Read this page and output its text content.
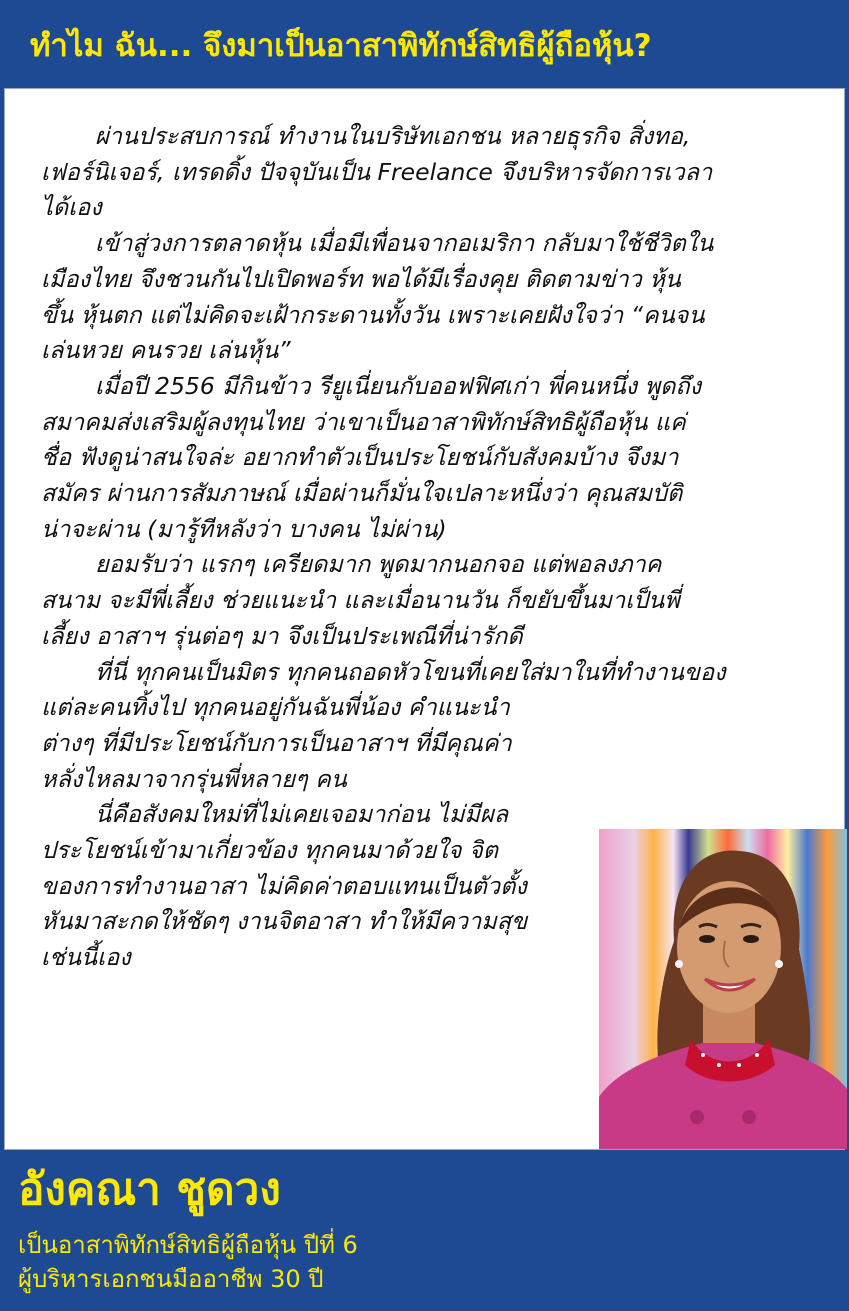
ทำไม ฉัน... จึงมาเป็นอาสาพิทักษ์สิทธิผู้ถือหุ้น?
ผ่านประสบการณ์ ทำงานในบริษัทเอกชน หลายธุรกิจ สิ่งทอ,
เฟอร์นิเจอร์, เทรดดิ้ง ปัจจุบันเป็น Freelance จึงบริหารจัดการเวลา
ได้เอง
เข้าสู่วงการตลาดหุ้น เมื่อมีเพื่อนจากอเมริกา กลับมาใช้ชีวิตใน
เมืองไทย จึงชวนกันไปเปิดพอร์ท พอได้มีเรื่องคุย ติดตามข่าว หุ้น
ขึ้น หุ้นตก แต่ไม่คิดจะเฝ้ากระดานทั้งวัน เพราะเคยฝังใจว่า “คนจน
เล่นหวย คนรวย เล่นหุ้น”
เมื่อปี 2556 มีกินข้าว รียูเนี่ยนกับออฟฟิศเก่า พี่คนหนึ่ง พูดถึง
สมาคมส่งเสริมผู้ลงทุนไทย ว่าเขาเป็นอาสาพิทักษ์สิทธิผู้ถือหุ้น แค่
ชื่อ ฟังดูน่าสนใจล่ะ อยากทำตัวเป็นประโยชน์กับสังคมบ้าง จึงมา
สมัคร ผ่านการสัมภาษณ์ เมื่อผ่านก็มั่นใจเปลาะหนึ่งว่า คุณสมบัติ
น่าจะผ่าน (มารู้ทีหลังว่า บางคน ไม่ผ่าน)
ยอมรับว่า แรกๆ เครียดมาก พูดมากนอกจอ แต่พอลงภาค
สนาม จะมีพี่เลี้ยง ช่วยแนะนำ และเมื่อนานวัน ก็ขยับขึ้นมาเป็นพี่
เลี้ยง อาสาฯ รุ่นต่อๆ มา จึงเป็นประเพณีที่น่ารักดี
ที่นี่ ทุกคนเป็นมิตร ทุกคนถอดหัวโขนที่เคยใส่มาในที่ทำงานของ
แต่ละคนทิ้งไป ทุกคนอยู่กันฉันพี่น้อง คำแนะนำ
ต่างๆ ที่มีประโยชน์กับการเป็นอาสาฯ ที่มีคุณค่า
หลั่งไหลมาจากรุ่นพี่หลายๆ คน
นี่คือสังคมใหม่ที่ไม่เคยเจอมาก่อน ไม่มีผล
ประโยชน์เข้ามาเกี่ยวข้อง ทุกคนมาด้วยใจ จิต
ของการทำงานอาสา ไม่คิดค่าตอบแทนเป็นตัวตั้ง
หันมาสะกดให้ชัดๆ งานจิตอาสา ทำให้มีความสุข
เช่นนี้เอง
อังคณา ชูดวง
เป็นอาสาพิทักษ์สิทธิผู้ถือหุ้น ปีที่ 6
ผู้บริหารเอกชนมืออาชีพ 30 ปี
